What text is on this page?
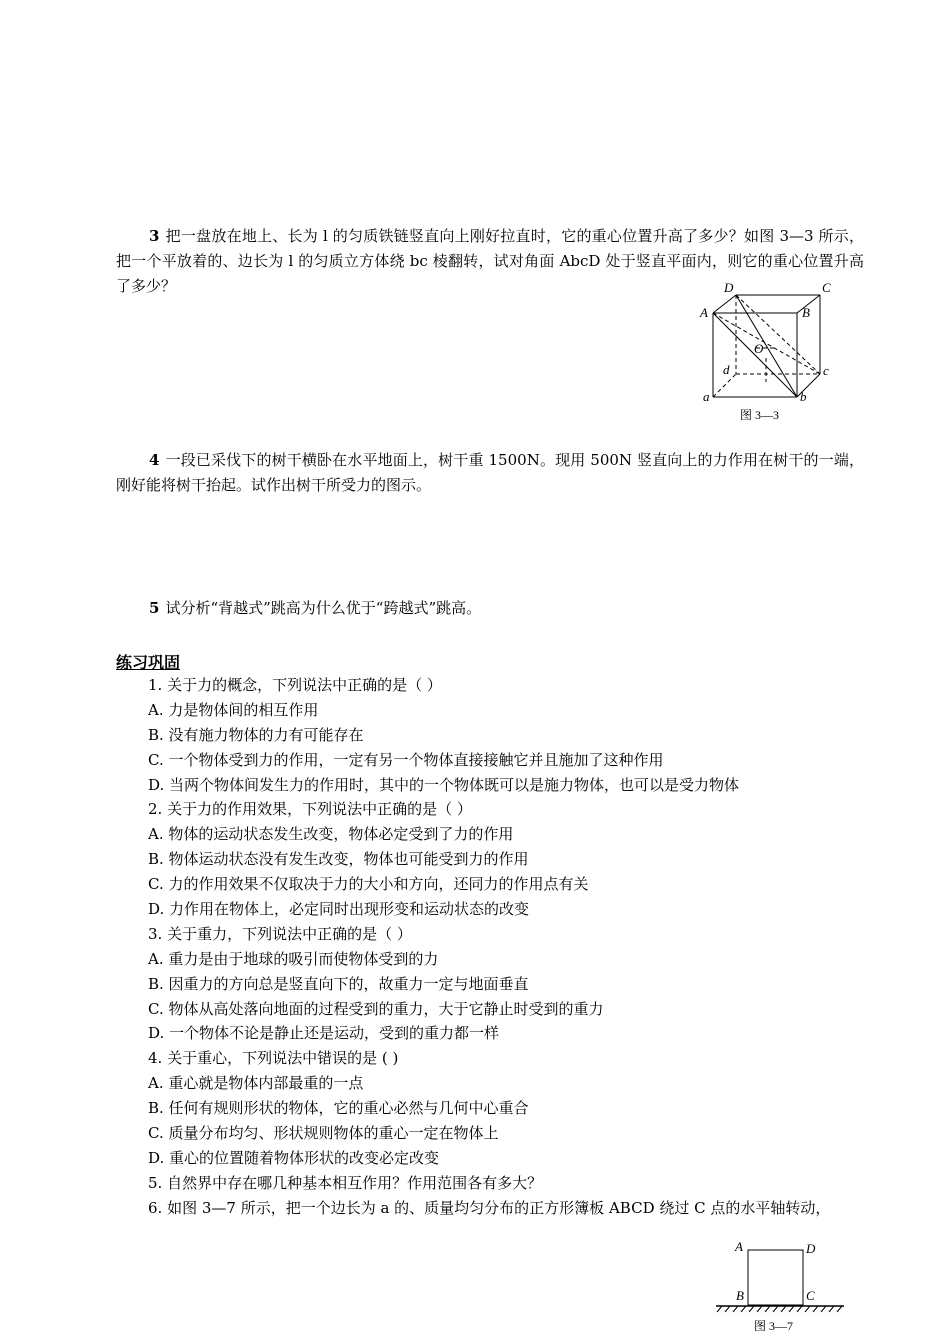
3 把一盘放在地上、长为 l 的匀质铁链竖直向上刚好拉直时，它的重心位置升高了多少？如图 3—3 所示，把一个平放着的、边长为 l 的匀质立方体绕 bc 棱翻转，试对角面 AbcD 处于竖直平面内，则它的重心位置升高了多少？
A	B
C
D
O
a	b
c
d
图 3—3
4 一段已采伐下的树干横卧在水平地面上，树干重 1500N。现用 500N 竖直向上的力作用在树干的一端，刚好能将树干抬起。试作出树干所受力的图示。
5 试分析“背越式”跳高为什么优于“跨越式”跳高。
练习巩固
1. 关于力的概念，下列说法中正确的是（ ）
A. 力是物体间的相互作用
B. 没有施力物体的力有可能存在
C. 一个物体受到力的作用，一定有另一个物体直接接触它并且施加了这种作用
D. 当两个物体间发生力的作用时，其中的一个物体既可以是施力物体，也可以是受力物体
2. 关于力的作用效果，下列说法中正确的是（ ）
A. 物体的运动状态发生改变，物体必定受到了力的作用
B. 物体运动状态没有发生改变，物体也可能受到力的作用
C. 力的作用效果不仅取决于力的大小和方向，还同力的作用点有关
D. 力作用在物体上，必定同时出现形变和运动状态的改变
3. 关于重力，下列说法中正确的是（ ）
A. 重力是由于地球的吸引而使物体受到的力
B. 因重力的方向总是竖直向下的，故重力一定与地面垂直
C. 物体从高处落向地面的过程受到的重力，大于它静止时受到的重力
D. 一个物体不论是静止还是运动，受到的重力都一样
4. 关于重心，下列说法中错误的是 ( )
A. 重心就是物体内部最重的一点
B. 任何有规则形状的物体，它的重心必然与几何中心重合
C. 质量分布均匀、形状规则物体的重心一定在物体上
D. 重心的位置随着物体形状的改变必定改变
5. 自然界中存在哪几种基本相互作用？作用范围各有多大？
6. 如图 3—7 所示，把一个边长为 a 的、质量均匀分布的正方形簿板 ABCD 绕过 C 点的水平轴转动，
A	D
B	C
图 3—7
